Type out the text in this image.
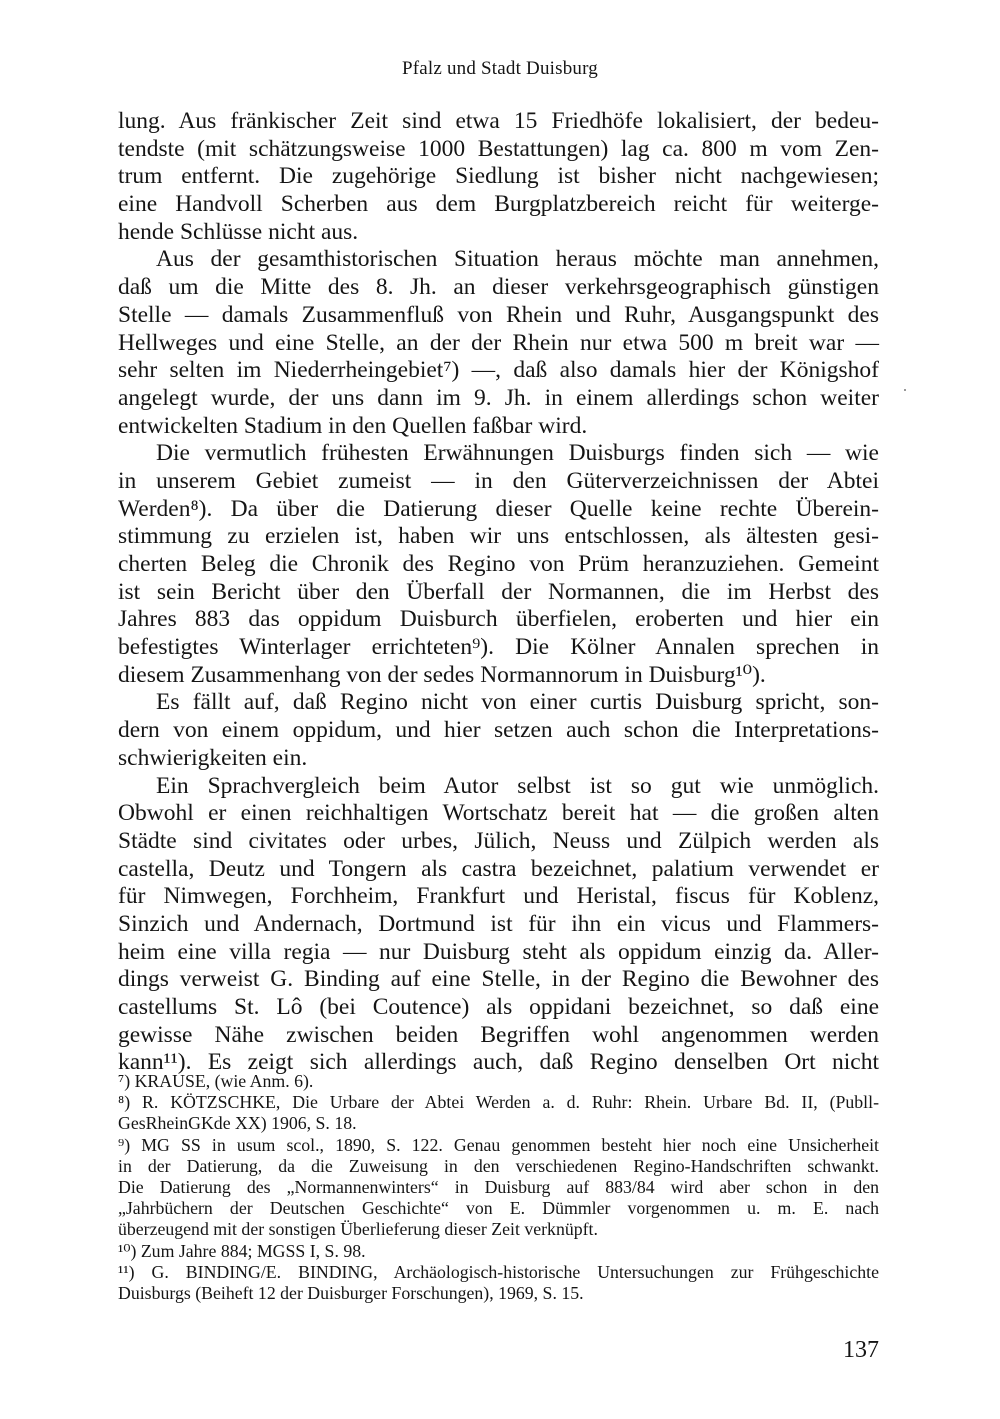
Pfalz und Stadt Duisburg
lung. Aus fränkischer Zeit sind etwa 15 Friedhöfe lokalisiert, der bedeu-
tendste (mit schätzungsweise 1000 Bestattungen) lag ca. 800 m vom Zen-
trum entfernt. Die zugehörige Siedlung ist bisher nicht nachgewiesen;
eine Handvoll Scherben aus dem Burgplatzbereich reicht für weiterge-
hende Schlüsse nicht aus.
Aus der gesamthistorischen Situation heraus möchte man annehmen,
daß um die Mitte des 8. Jh. an dieser verkehrsgeographisch günstigen
Stelle — damals Zusammenfluß von Rhein und Ruhr, Ausgangspunkt des
Hellweges und eine Stelle, an der der Rhein nur etwa 500 m breit war —
sehr selten im Niederrheingebiet⁷) —, daß also damals hier der Königshof
angelegt wurde, der uns dann im 9. Jh. in einem allerdings schon weiter
entwickelten Stadium in den Quellen faßbar wird.
Die vermutlich frühesten Erwähnungen Duisburgs finden sich — wie
in unserem Gebiet zumeist — in den Güterverzeichnissen der Abtei
Werden⁸). Da über die Datierung dieser Quelle keine rechte Überein-
stimmung zu erzielen ist, haben wir uns entschlossen, als ältesten gesi-
cherten Beleg die Chronik des Regino von Prüm heranzuziehen. Gemeint
ist sein Bericht über den Überfall der Normannen, die im Herbst des
Jahres 883 das oppidum Duisburch überfielen, eroberten und hier ein
befestigtes Winterlager errichteten⁹). Die Kölner Annalen sprechen in
diesem Zusammenhang von der sedes Normannorum in Duisburg¹⁰).
Es fällt auf, daß Regino nicht von einer curtis Duisburg spricht, son-
dern von einem oppidum, und hier setzen auch schon die Interpretations-
schwierigkeiten ein.
Ein Sprachvergleich beim Autor selbst ist so gut wie unmöglich.
Obwohl er einen reichhaltigen Wortschatz bereit hat — die großen alten
Städte sind civitates oder urbes, Jülich, Neuss und Zülpich werden als
castella, Deutz und Tongern als castra bezeichnet, palatium verwendet er
für Nimwegen, Forchheim, Frankfurt und Heristal, fiscus für Koblenz,
Sinzich und Andernach, Dortmund ist für ihn ein vicus und Flammers-
heim eine villa regia — nur Duisburg steht als oppidum einzig da. Aller-
dings verweist G. Binding auf eine Stelle, in der Regino die Bewohner des
castellums St. Lô (bei Coutence) als oppidani bezeichnet, so daß eine
gewisse Nähe zwischen beiden Begriffen wohl angenommen werden
kann¹¹). Es zeigt sich allerdings auch, daß Regino denselben Ort nicht
⁷) KRAUSE, (wie Anm. 6).
⁸) R. KÖTZSCHKE, Die Urbare der Abtei Werden a. d. Ruhr: Rhein. Urbare Bd. II, (Publl-
GesRheinGKde XX) 1906, S. 18.
⁹) MG SS in usum scol., 1890, S. 122. Genau genommen besteht hier noch eine Unsicherheit
in der Datierung, da die Zuweisung in den verschiedenen Regino-Handschriften schwankt.
Die Datierung des „Normannenwinters“ in Duisburg auf 883/84 wird aber schon in den
„Jahrbüchern der Deutschen Geschichte“ von E. Dümmler vorgenommen u. m. E. nach
überzeugend mit der sonstigen Überlieferung dieser Zeit verknüpft.
¹⁰) Zum Jahre 884; MGSS I, S. 98.
¹¹) G. BINDING/E. BINDING, Archäologisch-historische Untersuchungen zur Frühgeschichte
Duisburgs (Beiheft 12 der Duisburger Forschungen), 1969, S. 15.
137
